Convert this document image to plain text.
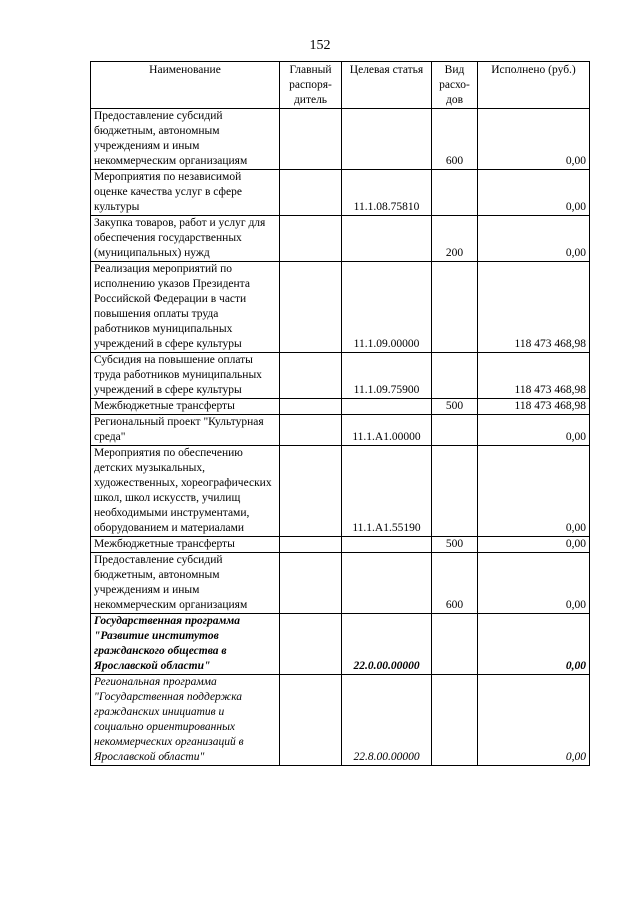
152
Наименование	Главный распоря-дитель	Целевая статья	Вид расхо-дов	Исполнено (руб.)
Предоставление субсидий бюджетным, автономным учреждениям и иным некоммерческим организациям			600	0,00
Мероприятия по независимой оценке качества услуг в сфере культуры		11.1.08.75810		0,00
Закупка товаров, работ и услуг для обеспечения государственных (муниципальных) нужд			200	0,00
Реализация мероприятий по исполнению указов Президента Российской Федерации в части повышения оплаты труда работников муниципальных учреждений в сфере культуры		11.1.09.00000		118 473 468,98
Субсидия на повышение оплаты труда работников муниципальных учреждений в сфере культуры		11.1.09.75900		118 473 468,98
Межбюджетные трансферты			500	118 473 468,98
Региональный проект "Культурная среда"		11.1.A1.00000		0,00
Мероприятия по обеспечению детских музыкальных, художественных, хореографических школ, школ искусств, училищ необходимыми инструментами, оборудованием и материалами		11.1.A1.55190		0,00
Межбюджетные трансферты			500	0,00
Предоставление субсидий бюджетным, автономным учреждениям и иным некоммерческим организациям			600	0,00
Государственная программа "Развитие институтов гражданского общества в Ярославской области"		22.0.00.00000		0,00
Региональная программа "Государственная поддержка гражданских инициатив и социально ориентированных некоммерческих организаций в Ярославской области"		22.8.00.00000		0,00
